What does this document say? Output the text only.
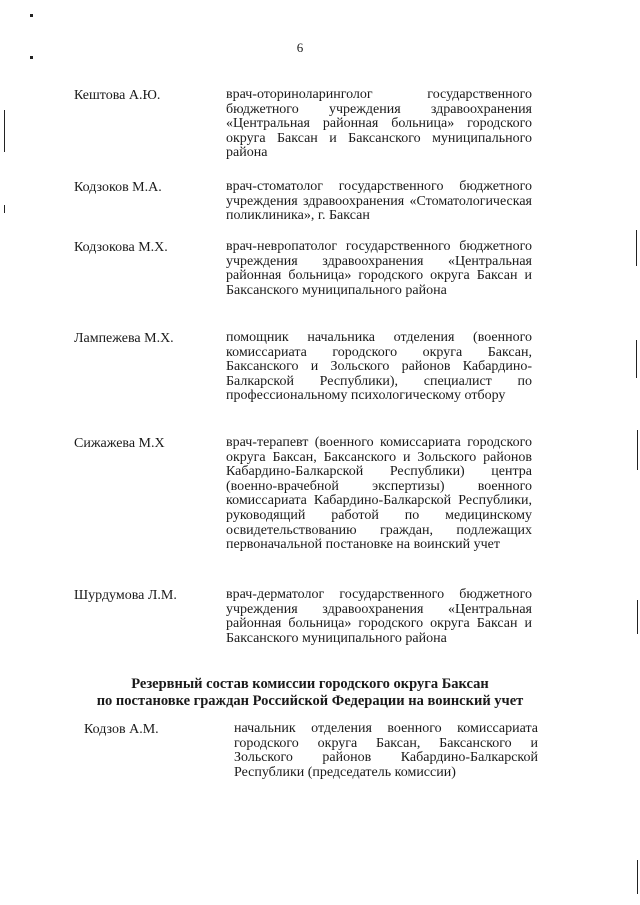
6
Кештова А.Ю.	врач-оториноларинголог государственного бюджетного учреждения здравоохранения «Центральная районная больница» городского округа Баксан и Баксанского муниципального района
Кодзоков М.А.	врач-стоматолог государственного бюджетного учреждения здравоохранения «Стоматологическая поликлиника», г. Баксан
Кодзокова М.Х.	врач-невропатолог государственного бюджетного учреждения здравоохранения «Центральная районная больница» городского округа Баксан и Баксанского муниципального района
Лампежева М.Х.	помощник начальника отделения (военного комиссариата городского округа Баксан, Баксанского и Зольского районов Кабардино-Балкарской Республики), специалист по профессиональному психологическому отбору
Сижажева М.Х	врач-терапевт (военного комиссариата городского округа Баксан, Баксанского и Зольского районов Кабардино-Балкарской Республики) центра (военно-врачебной экспертизы) военного комиссариата Кабардино-Балкарской Республики, руководящий работой по медицинскому освидетельствованию граждан, подлежащих первоначальной постановке на воинский учет
Шурдумова Л.М.	врач-дерматолог государственного бюджетного учреждения здравоохранения «Центральная районная больница» городского округа Баксан и Баксанского муниципального района
Резервный состав комиссии городского округа Баксан
по постановке граждан Российской Федерации на воинский учет
Кодзов А.М.	начальник отделения военного комиссариата городского округа Баксан, Баксанского и Зольского районов Кабардино-Балкарской Республики (председатель комиссии)
